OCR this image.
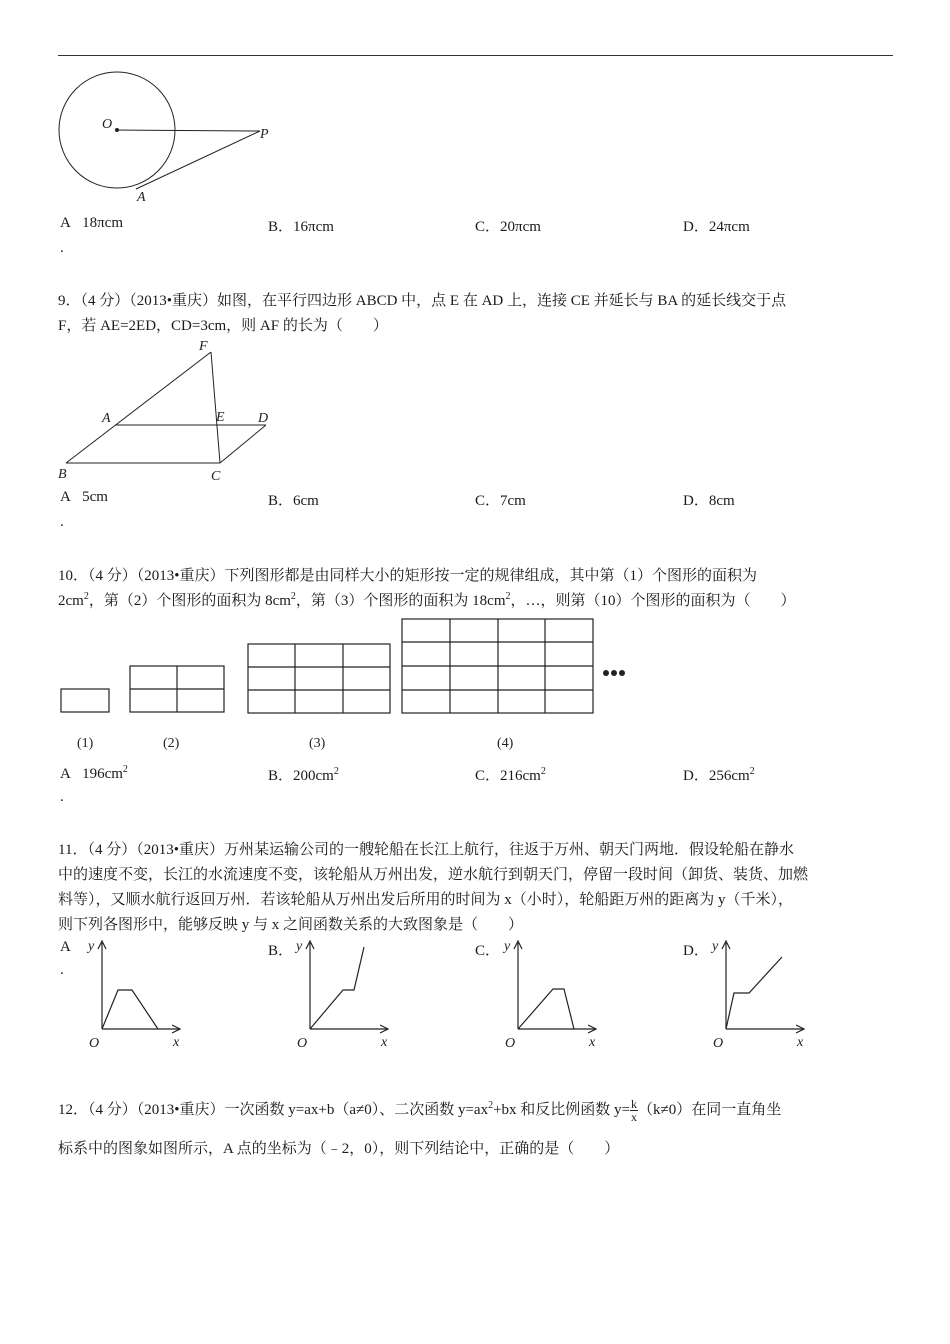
O
P
A
A 18πcm	B．16πcm	C．20πcm	D．24πcm
.
9．（4 分）（2013•重庆）如图，在平行四边形 ABCD 中，点 E 在 AD 上，连接 CE 并延长与 BA 的延长线交于点
F，若 AE=2ED，CD=3cm，则 AF 的长为（　　）
F
A	E D
B	C
A 5cm	B．6cm	C．7cm	D．8cm
.
10．（4 分）（2013•重庆）下列图形都是由同样大小的矩形按一定的规律组成，其中第（1）个图形的面积为
$2cm^2$，第（2）个图形的面积为 $8cm^2$，第（3）个图形的面积为 $18cm^2$，…，则第（10）个图形的面积为（　　）
(1)	(2)	(3)	(4)
A $196cm^2$	B．$200cm^2$	C．$216cm^2$	D．$256cm^2$
.
11．（4 分）（2013•重庆）万州某运输公司的一艘轮船在长江上航行，往返于万州、朝天门两地．假设轮船在静水
中的速度不变，长江的水流速度不变，该轮船从万州出发，逆水航行到朝天门，停留一段时间（卸货、装货、加燃
料等），又顺水航行返回万州．若该轮船从万州出发后所用的时间为 x（小时），轮船距万州的距离为 y（千米），
则下列各图形中，能够反映 y 与 x 之间函数关系的大致图象是（　　）
A
.
B．	C．	D．
y
x
O
y
x
O
y
x
O
y
x
O
12．（4 分）（2013•重庆）一次函数 y=ax+b（a≠0）、二次函数 $y=ax^2+bx$ 和反比例函数 $y= \frac{k}{x} (k\ne 0)$在同一直角坐
标系中的图象如图所示，A 点的坐标为（﹣2，0），则下列结论中，正确的是（　　）
